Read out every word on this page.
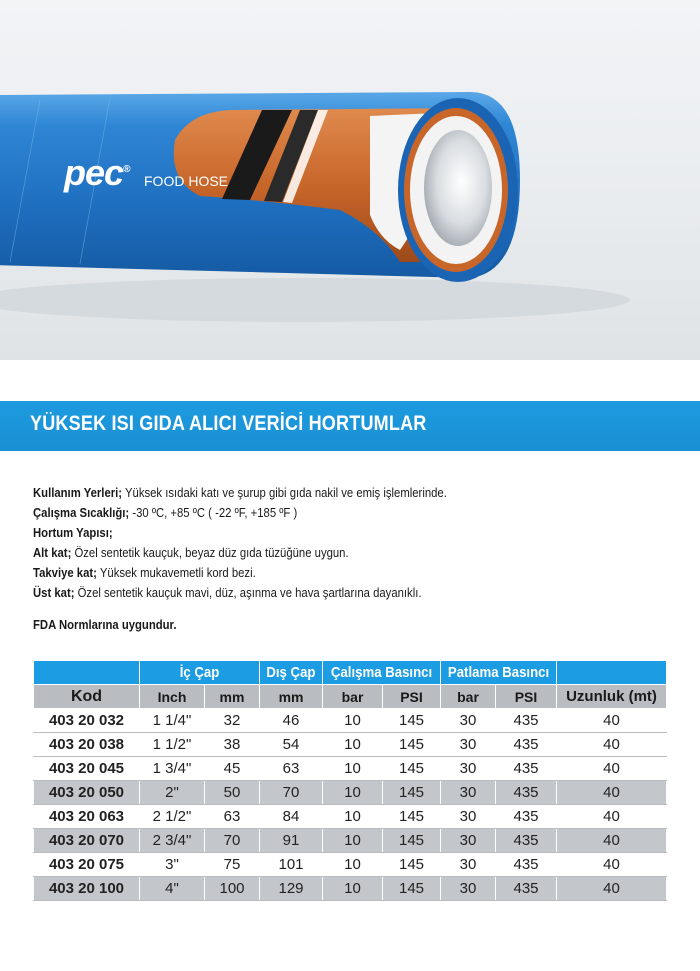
pec®
FOOD HOSE
YÜKSEK ISI GIDA ALICI VERİCİ HORTUMLAR

Kullanım Yerleri; Yüksek ısıdaki katı ve şurup gibi gıda nakil ve emiş işlemlerinde.

Çalışma Sıcaklığı; -30 ºC, +85 ºC ( -22 ºF, +185 ºF )

Hortum Yapısı;

Alt kat; Özel sentetik kauçuk, beyaz düz gıda tüzüğüne uygun.

Takviye kat; Yüksek mukavemetli kord bezi.

Üst kat; Özel sentetik kauçuk mavi, düz, aşınma ve hava şartlarına dayanıklı.

FDA Normlarına uygundur.

	İç Çap		Dış Çap	Çalışma Basıncı		Patlama Basıncı		
Kod	Inch	mm	mm	bar	PSI	bar	PSI	Uzunluk (mt)
403 20 032	1 1/4"	32	46	10	145	30	435	40
403 20 038	1 1/2"	38	54	10	145	30	435	40
403 20 045	1 3/4"	45	63	10	145	30	435	40
403 20 050	2"	50	70	10	145	30	435	40
403 20 063	2 1/2"	63	84	10	145	30	435	40
403 20 070	2 3/4"	70	91	10	145	30	435	40
403 20 075	3"	75	101	10	145	30	435	40
403 20 100	4"	100	129	10	145	30	435	40
